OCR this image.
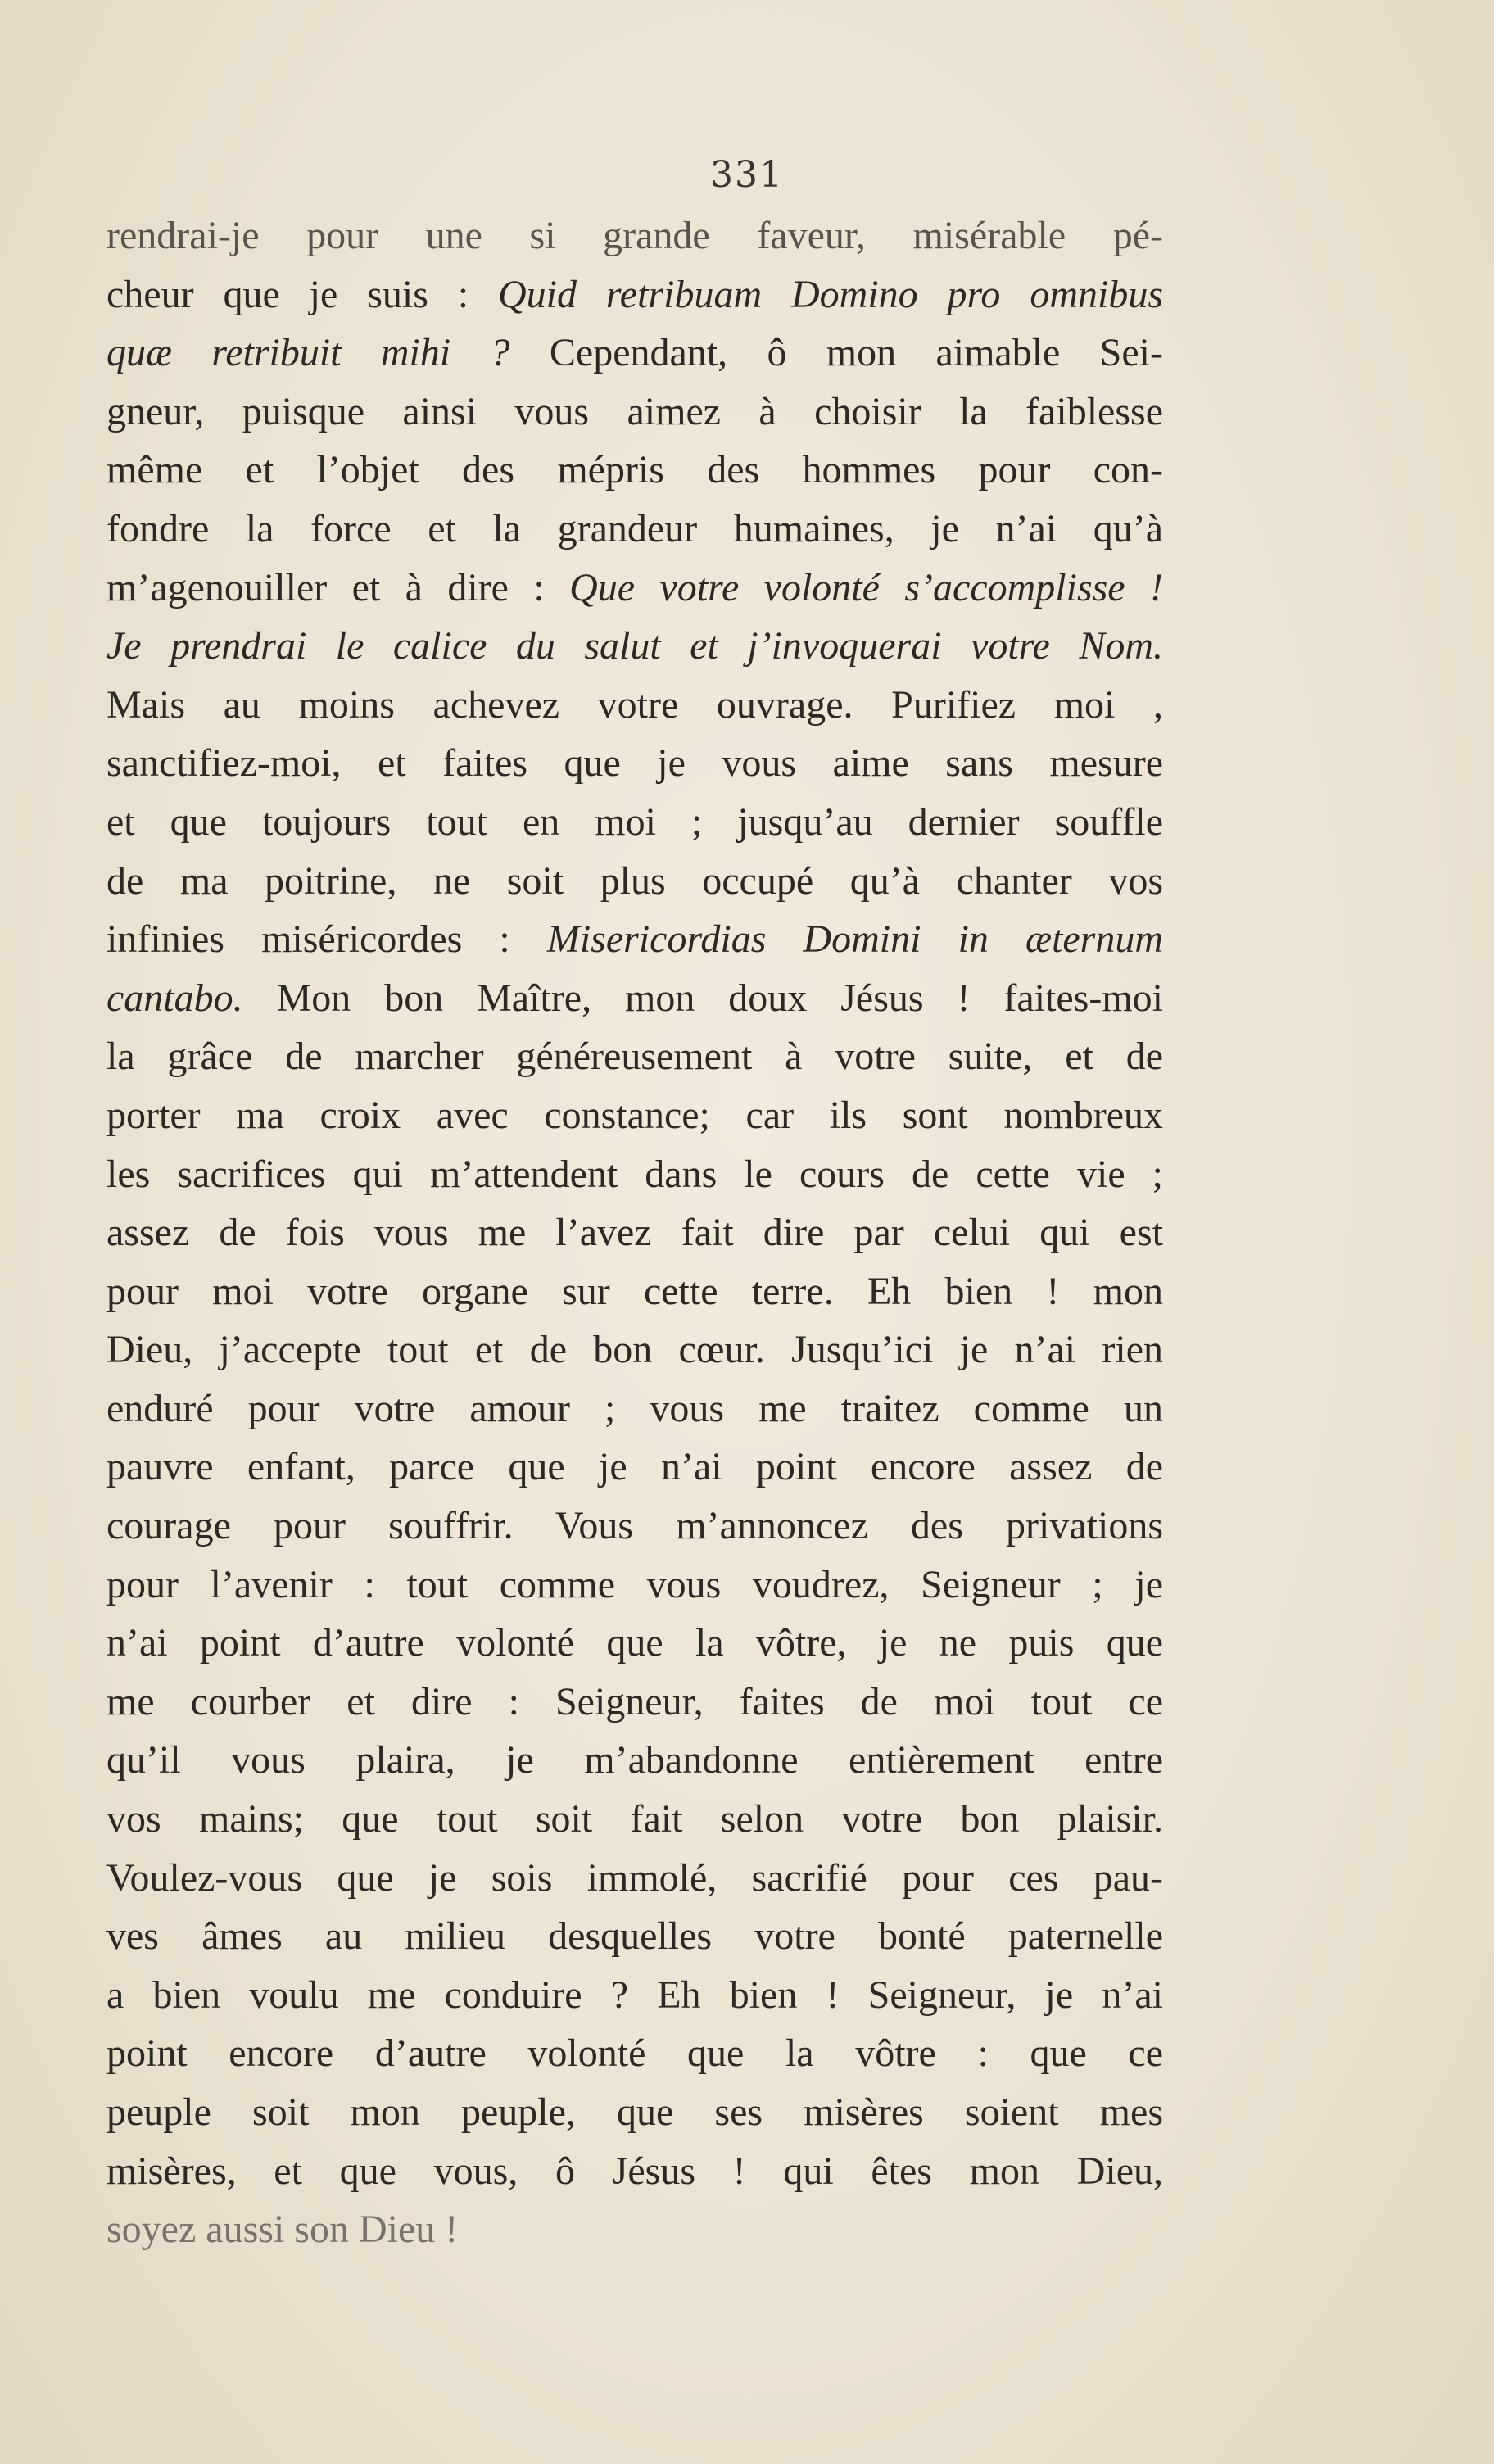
331
rendrai-je pour une si grande faveur, misérable pé-
cheur que je suis : Quid retribuam Domino pro omnibus
quæ retribuit mihi ? Cependant, ô mon aimable Sei-
gneur, puisque ainsi vous aimez à choisir la faiblesse
même et l’objet des mépris des hommes pour con-
fondre la force et la grandeur humaines, je n’ai qu’à
m’agenouiller et à dire : Que votre volonté s’accomplisse !
Je prendrai le calice du salut et j’invoquerai votre Nom.
Mais au moins achevez votre ouvrage. Purifiez moi ,
sanctifiez-moi, et faites que je vous aime sans mesure
et que toujours tout en moi ; jusqu’au dernier souffle
de ma poitrine, ne soit plus occupé qu’à chanter vos
infinies miséricordes : Misericordias Domini in æternum
cantabo. Mon bon Maître, mon doux Jésus ! faites-moi
la grâce de marcher généreusement à votre suite, et de
porter ma croix avec constance; car ils sont nombreux
les sacrifices qui m’attendent dans le cours de cette vie ;
assez de fois vous me l’avez fait dire par celui qui est
pour moi votre organe sur cette terre. Eh bien ! mon
Dieu, j’accepte tout et de bon cœur. Jusqu’ici je n’ai rien
enduré pour votre amour ; vous me traitez comme un
pauvre enfant, parce que je n’ai point encore assez de
courage pour souffrir. Vous m’annoncez des privations
pour l’avenir : tout comme vous voudrez, Seigneur ; je
n’ai point d’autre volonté que la vôtre, je ne puis que
me courber et dire : Seigneur, faites de moi tout ce
qu’il vous plaira, je m’abandonne entièrement entre
vos mains; que tout soit fait selon votre bon plaisir.
Voulez-vous que je sois immolé, sacrifié pour ces pau-
ves âmes au milieu desquelles votre bonté paternelle
a bien voulu me conduire ? Eh bien ! Seigneur, je n’ai
point encore d’autre volonté que la vôtre : que ce
peuple soit mon peuple, que ses misères soient mes
misères, et que vous, ô Jésus ! qui êtes mon Dieu,
soyez aussi son Dieu !
